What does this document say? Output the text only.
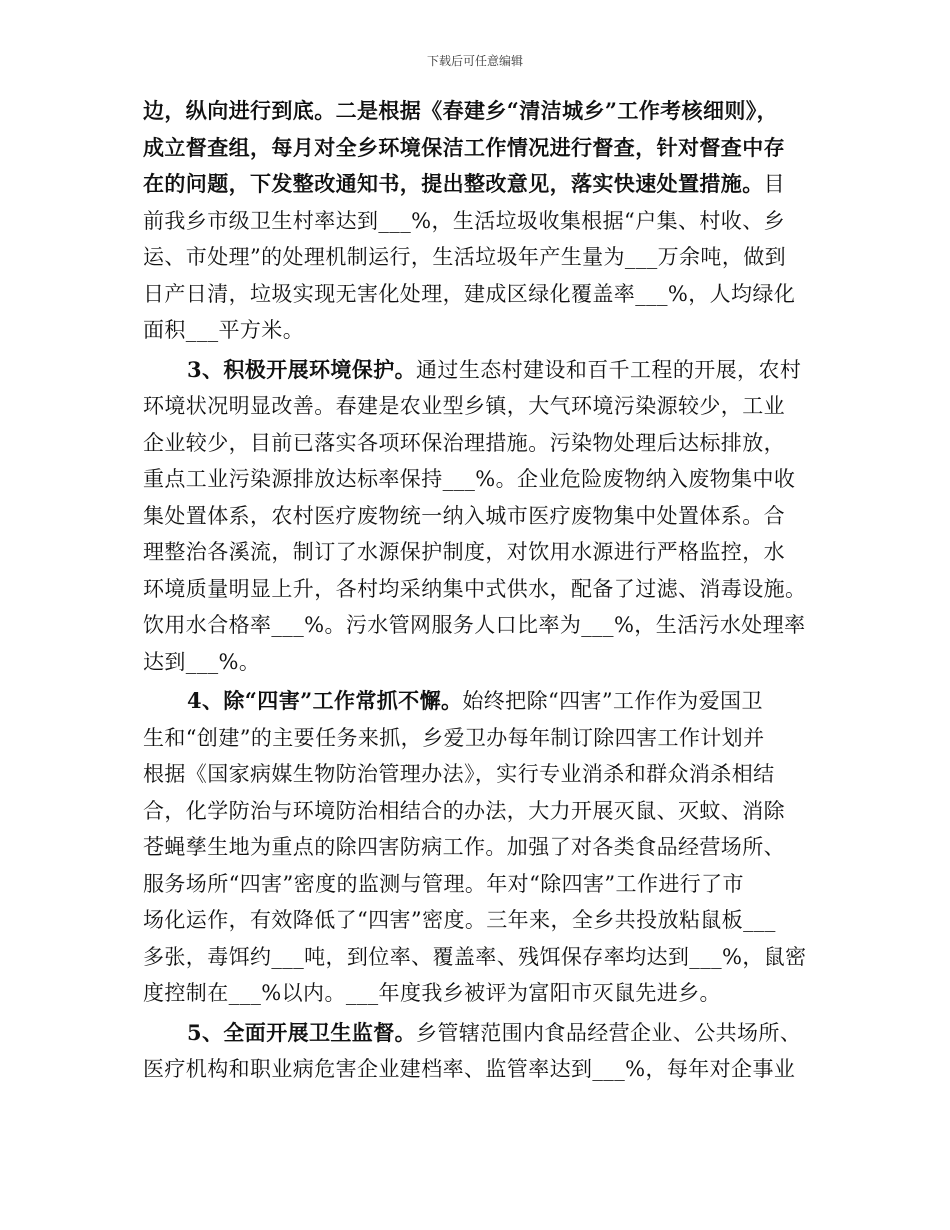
下载后可任意编辑
边，纵向进行到底。二是根据《春建乡“清洁城乡”工作考核细则》，
成立督查组，每月对全乡环境保洁工作情况进行督查，针对督查中存
在的问题，下发整改通知书，提出整改意见，落实快速处置措施。目
前我乡市级卫生村率达到___%，生活垃圾收集根据“户集、村收、乡
运、市处理”的处理机制运行，生活垃圾年产生量为___万余吨，做到
日产日清，垃圾实现无害化处理，建成区绿化覆盖率___%，人均绿化
面积___平方米。
3、积极开展环境保护。通过生态村建设和百千工程的开展，农村
环境状况明显改善。春建是农业型乡镇，大气环境污染源较少，工业
企业较少，目前已落实各项环保治理措施。污染物处理后达标排放，
重点工业污染源排放达标率保持___%。企业危险废物纳入废物集中收
集处置体系，农村医疗废物统一纳入城市医疗废物集中处置体系。合
理整治各溪流，制订了水源保护制度，对饮用水源进行严格监控，水
环境质量明显上升，各村均采纳集中式供水，配备了过滤、消毒设施。
饮用水合格率___%。污水管网服务人口比率为___%，生活污水处理率
达到___%。
4、除“四害”工作常抓不懈。始终把除“四害”工作作为爱国卫
生和“创建”的主要任务来抓，乡爱卫办每年制订除四害工作计划并
根据《国家病媒生物防治管理办法》，实行专业消杀和群众消杀相结
合，化学防治与环境防治相结合的办法，大力开展灭鼠、灭蚊、消除
苍蝇孳生地为重点的除四害防病工作。加强了对各类食品经营场所、
服务场所“四害”密度的监测与管理。年对“除四害”工作进行了市
场化运作，有效降低了“四害”密度。三年来，全乡共投放粘鼠板___
多张，毒饵约___吨，到位率、覆盖率、残饵保存率均达到___%，鼠密
度控制在___%以内。___年度我乡被评为富阳市灭鼠先进乡。
5、全面开展卫生监督。乡管辖范围内食品经营企业、公共场所、
医疗机构和职业病危害企业建档率、监管率达到___%，每年对企事业
